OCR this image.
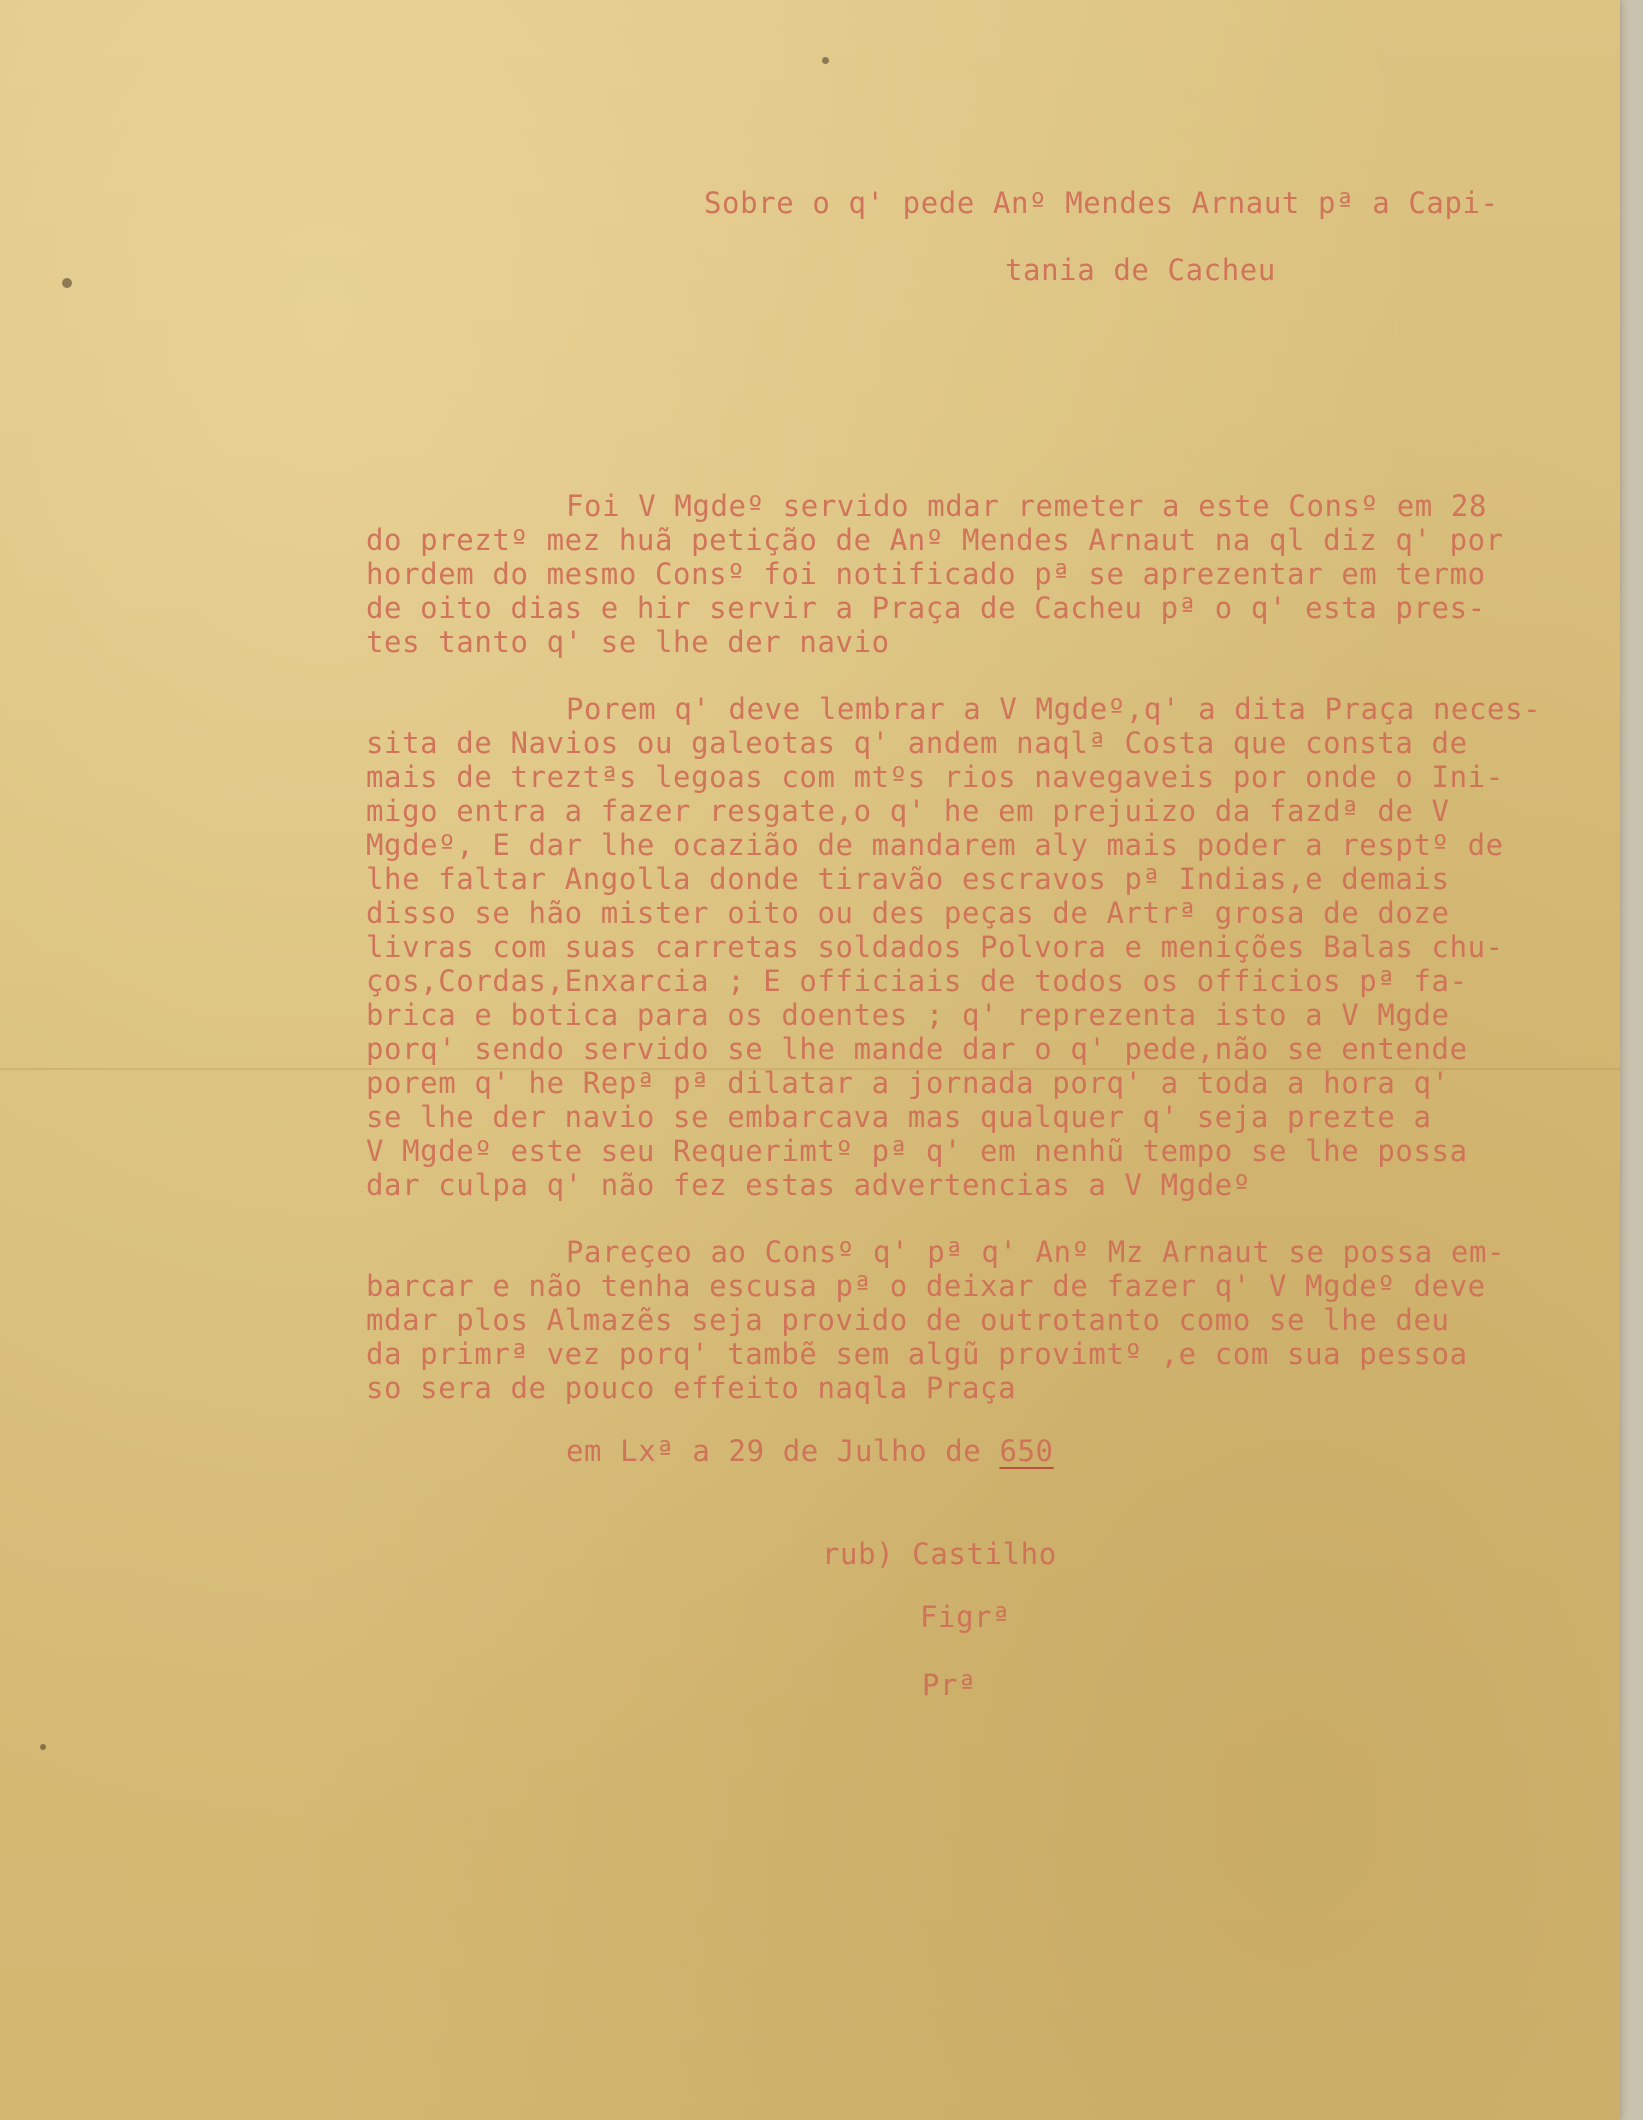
Sobre o q' pede Anº Mendes Arnaut pª a Capi-

tania de Cacheu

Foi V Mgdeº servido mdar remeter a este Consº em 28

do preztº mez huã petição de Anº Mendes Arnaut na ql diz q' por

hordem do mesmo Consº foi notificado pª se aprezentar em termo

de oito dias e hir servir a Praça de Cacheu pª o q' esta pres-

tes tanto q' se lhe der navio

Porem q' deve lembrar a V Mgdeº,q' a dita Praça neces-

sita de Navios ou galeotas q' andem naqlª Costa que consta de

mais de treztªs legoas com mtºs rios navegaveis por onde o Ini-

migo entra a fazer resgate,o q' he em prejuizo da fazdª de V

Mgdeº, E dar lhe ocazião de mandarem aly mais poder a resptº de

lhe faltar Angolla donde tiravão escravos pª Indias,e demais

disso se hão mister oito ou des peças de Artrª grosa de doze

livras com suas carretas soldados Polvora e menições Balas chu-

ços,Cordas,Enxarcia ; E officiais de todos os officios pª fa-

brica e botica para os doentes ; q' reprezenta isto a V Mgde

porq' sendo servido se lhe mande dar o q' pede,não se entende

porem q' he Repª pª dilatar a jornada porq' a toda a hora q'

se lhe der navio se embarcava mas qualquer q' seja prezte a

V Mgdeº este seu Requerimtº pª q' em nenhũ tempo se lhe possa

dar culpa q' não fez estas advertencias a V Mgdeº

Pareçeo ao Consº q' pª q' Anº Mz Arnaut se possa em-

barcar e não tenha escusa pª o deixar de fazer q' V Mgdeº deve

mdar plos Almazẽs seja provido de outrotanto como se lhe deu

da primrª vez porq' tambẽ sem algũ provimtº ,e com sua pessoa

so sera de pouco effeito naqla Praça

em Lxª a 29 de Julho de 650

rub) Castilho

Figrª

Prª
